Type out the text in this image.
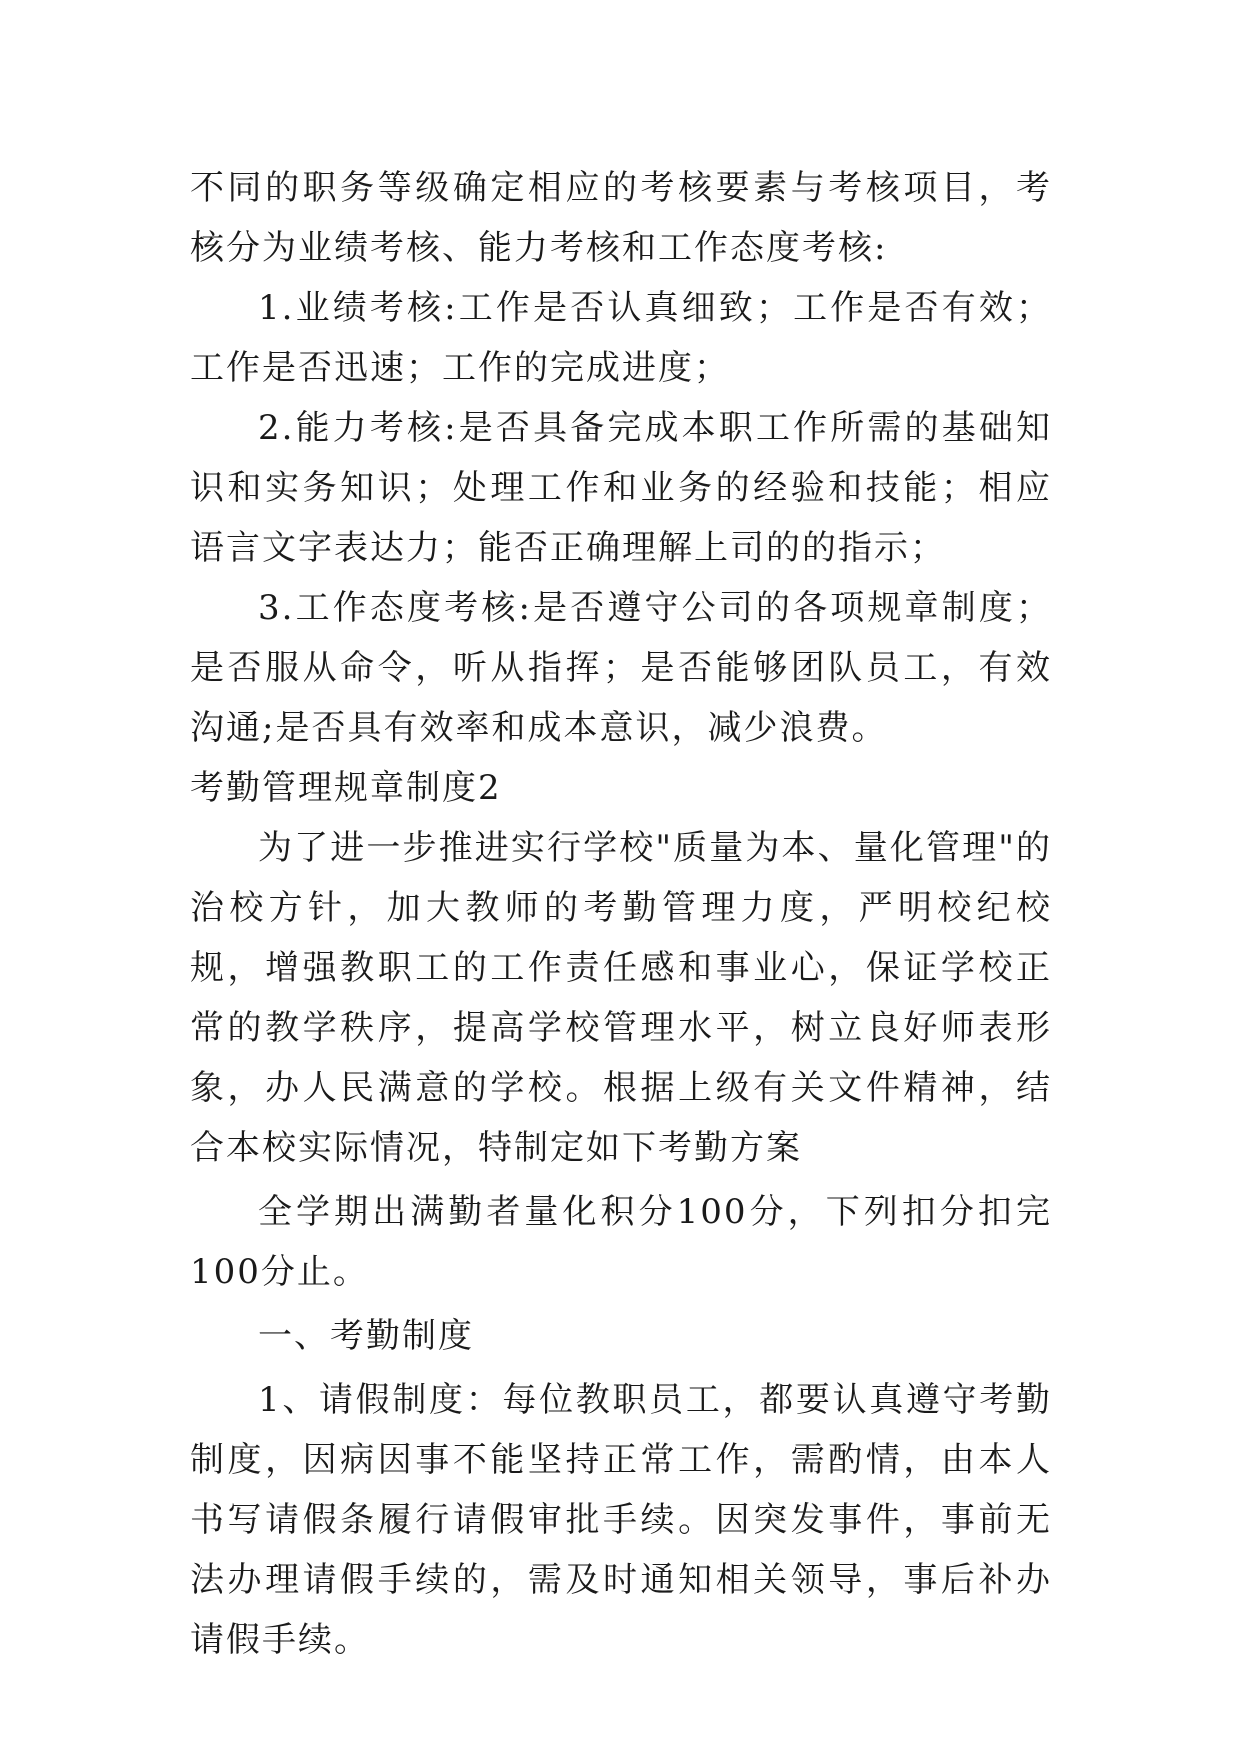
不同的职务等级确定相应的考核要素与考核项目，考核分为业绩考核、能力考核和工作态度考核:

1.业绩考核:工作是否认真细致；工作是否有效；工作是否迅速；工作的完成进度；

2.能力考核:是否具备完成本职工作所需的基础知识和实务知识；处理工作和业务的经验和技能；相应语言文字表达力；能否正确理解上司的的指示；

3.工作态度考核:是否遵守公司的各项规章制度；是否服从命令，听从指挥；是否能够团队员工，有效沟通;是否具有效率和成本意识，减少浪费。

考勤管理规章制度2

为了进一步推进实行学校"质量为本、量化管理"的治校方针，加大教师的考勤管理力度，严明校纪校规，增强教职工的工作责任感和事业心，保证学校正常的教学秩序，提高学校管理水平，树立良好师表形象，办人民满意的学校。根据上级有关文件精神，结合本校实际情况，特制定如下考勤方案

全学期出满勤者量化积分100分，下列扣分扣完100分止。

一、考勤制度

1、请假制度：每位教职员工，都要认真遵守考勤制度，因病因事不能坚持正常工作，需酌情，由本人书写请假条履行请假审批手续。因突发事件，事前无法办理请假手续的，需及时通知相关领导，事后补办请假手续。
